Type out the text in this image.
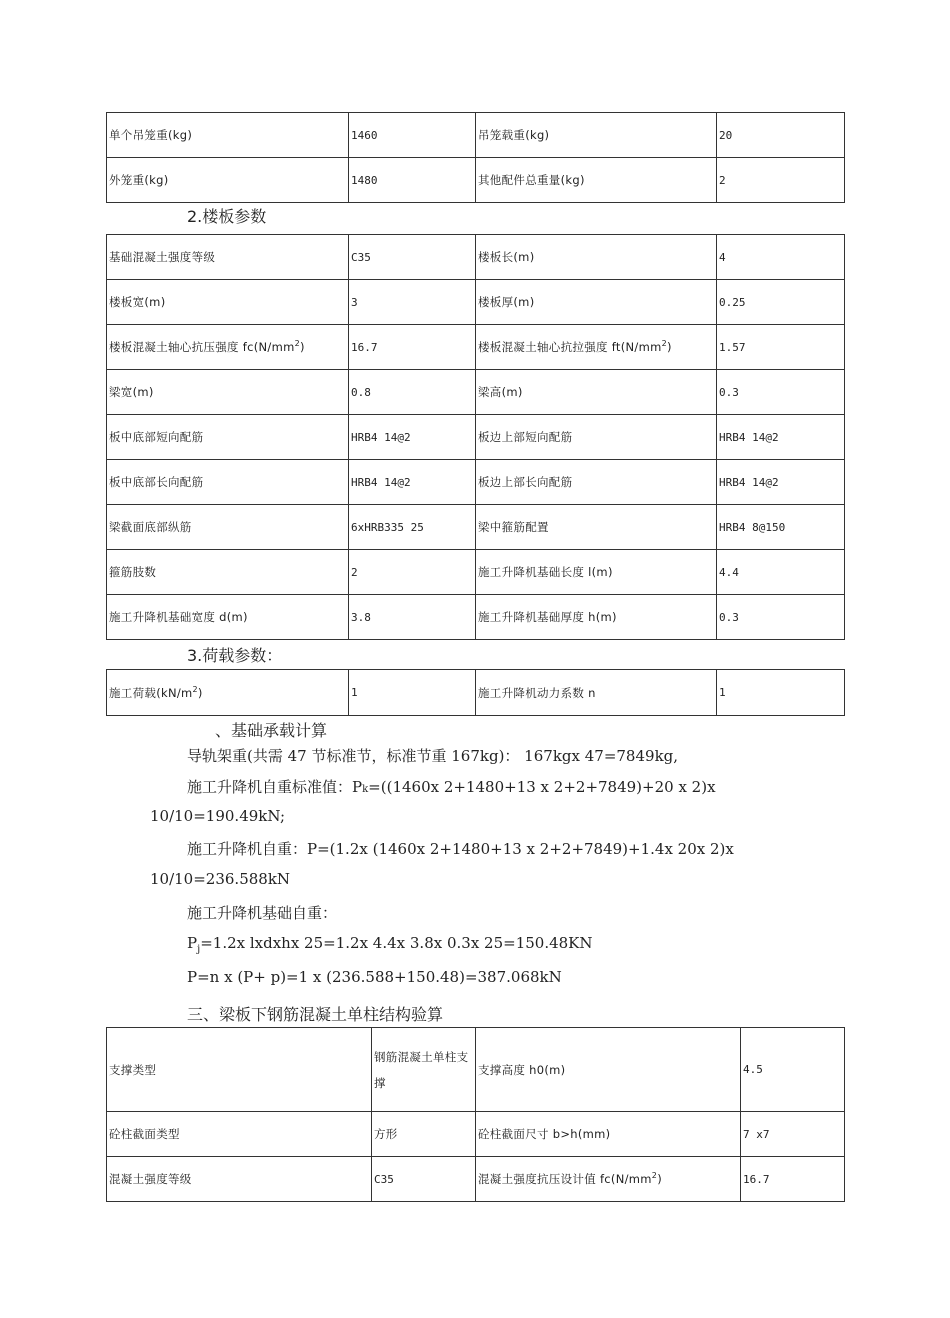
单个吊笼重(kg)	1460	吊笼载重(kg)	20
外笼重(kg)	1480	其他配件总重量(kg)	2
2.楼板参数
基础混凝土强度等级	C35	楼板长(m)	4
楼板宽(m)	3	楼板厚(m)	0.25
楼板混凝土轴心抗压强度 $fc(N/mm^2)$	16.7	楼板混凝土轴心抗拉强度 $ft(N/mm^2)$	1.57
梁宽(m)	0.8	梁高(m)	0.3
板中底部短向配筋	HRB4 14@2	板边上部短向配筋	HRB4 14@2
板中底部长向配筋	HRB4 14@2	板边上部长向配筋	HRB4 14@2
梁截面底部纵筋	6xHRB335 25	梁中箍筋配置	HRB4 8@150
箍筋肢数	2	施工升降机基础长度 l(m)	4.4
施工升降机基础宽度 d(m)	3.8	施工升降机基础厚度 h(m)	0.3
3.荷载参数：
施工荷载$(kN/m^2)$	1	施工升降机动力系数 n	1
、基础承载计算
导轨架重(共需 47 节标准节，标准节重 167kg)： 167kgx 47=7849kg,
施工升降机自重标准值：Pk=((1460x 2+1480+13 x 2+2+7849)+20 x 2)x
10/10=190.49kN;
施工升降机自重：P=(1.2x (1460x 2+1480+13 x 2+2+7849)+1.4x 20x 2)x
10/10=236.588kN
施工升降机基础自重：
$P_j=1.2x$ lxdxhx 25=1.2x 4.4x 3.8x 0.3x 25=150.48KN
P=n x (P+ p)=1 x (236.588+150.48)=387.068kN
三、梁板下钢筋混凝土单柱结构验算
支撑类型	钢筋混凝土单柱支撑	支撑高度 h0(m)	4.5
砼柱截面类型	方形	砼柱截面尺寸 b>h(mm)	7 x7
混凝土强度等级	C35	混凝土强度抗压设计值 $fc(N/mm^2)$	16.7
